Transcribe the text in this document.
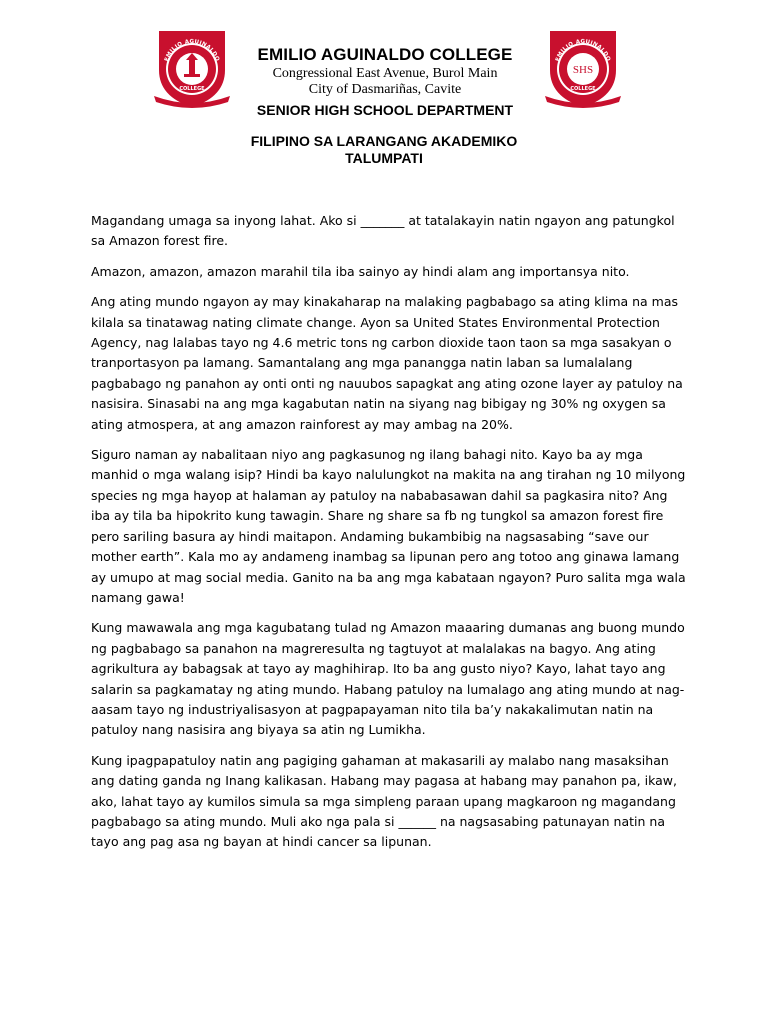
EMILIO AGUINALDO
COLLEGE
EMILIO AGUINALDO COLLEGE
Congressional East Avenue, Burol Main
City of Dasmariñas, Cavite
SENIOR HIGH SCHOOL DEPARTMENT
EMILIO AGUINALDO
SHS
COLLEGE
FILIPINO SA LARANGANG AKADEMIKO
TALUMPATI

Magandang umaga sa inyong lahat. Ako si _______ at tatalakayin natin ngayon ang patungkol sa Amazon forest fire.

Amazon, amazon, amazon marahil tila iba sainyo ay hindi alam ang importansya nito.

Ang ating mundo ngayon ay may kinakaharap na malaking pagbabago sa ating klima na mas kilala sa tinatawag nating climate change. Ayon sa United States Environmental Protection Agency, nag lalabas tayo ng 4.6 metric tons ng carbon dioxide taon taon sa mga sasakyan o tranportasyon pa lamang. Samantalang ang mga panangga natin laban sa lumalalang pagbabago ng panahon ay onti onti ng nauubos sapagkat ang ating ozone layer ay patuloy na nasisira. Sinasabi na ang mga kagabutan natin na siyang nag bibigay ng 30% ng oxygen sa ating atmospera, at ang amazon rainforest ay may ambag na 20%.

Siguro naman ay nabalitaan niyo ang pagkasunog ng ilang bahagi nito. Kayo ba ay mga manhid o mga walang isip? Hindi ba kayo nalulungkot na makita na ang tirahan ng 10 milyong species ng mga hayop at halaman ay patuloy na nababasawan dahil sa pagkasira nito? Ang iba ay tila ba hipokrito kung tawagin. Share ng share sa fb ng tungkol sa amazon forest fire pero sariling basura ay hindi maitapon. Andaming bukambibig na nagsasabing “save our mother earth”. Kala mo ay andameng inambag sa lipunan pero ang totoo ang ginawa lamang ay umupo at mag social media. Ganito na ba ang mga kabataan ngayon? Puro salita mga wala namang gawa!

Kung mawawala ang mga kagubatang tulad ng Amazon maaaring dumanas ang buong mundo ng pagbabago sa panahon na magreresulta ng tagtuyot at malalakas na bagyo. Ang ating agrikultura ay babagsak at tayo ay maghihirap. Ito ba ang gusto niyo? Kayo, lahat tayo ang salarin sa pagkamatay ng ating mundo. Habang patuloy na lumalago ang ating mundo at nag-aasam tayo ng industriyalisasyon at pagpapayaman nito tila ba’y nakakalimutan natin na patuloy nang nasisira ang biyaya sa atin ng Lumikha.

Kung ipagpapatuloy natin ang pagiging gahaman at makasarili ay malabo nang masaksihan ang dating ganda ng Inang kalikasan. Habang may pagasa at habang may panahon pa, ikaw, ako, lahat tayo ay kumilos simula sa mga simpleng paraan upang magkaroon ng magandang pagbabago sa ating mundo. Muli ako nga pala si ______ na nagsasabing patunayan natin na tayo ang pag asa ng bayan at hindi cancer sa lipunan.
